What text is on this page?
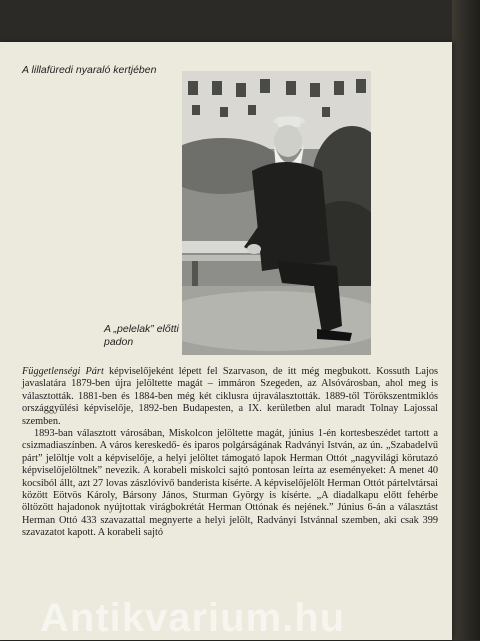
A lillafüredi nyaraló kertjében
A „pelelak” előtti padon

Függetlenségi Párt képviselőjeként lépett fel Szarvason, de itt még megbukott. Kossuth Lajos javaslatára 1879-ben újra jelöltette magát – immáron Szegeden, az Alsóvárosban, ahol meg is választották. 1881-ben és 1884-ben még két ciklusra újraválasztották. 1889-től Törökszentmiklós országgyűlési képviselője, 1892-ben Budapesten, a IX. kerületben alul maradt Tolnay Lajossal szemben.

1893-ban választott városában, Miskolcon jelöltette magát, június 1-én kortesbeszédet tartott a csizmadiaszínben. A város kereskedő- és iparos polgárságának Radványi István, az ún. „Szabadelvű párt” jelöltje volt a képviselője, a helyi jelöltet támogató lapok Herman Ottót „nagyvilági körutazó képviselőjelöltnek” nevezik. A korabeli miskolci sajtó pontosan leírta az eseményeket: A menet 40 kocsiból állt, azt 27 lovas zászlóvivő banderista kísérte. A képviselőjelölt Herman Ottót pártelvtársai között Eötvös Károly, Bársony János, Sturman György is kísérte. „A diadalkapu előtt fehérbe öltözött hajadonok nyújtottak virágbokrétát Herman Ottónak és nejének.” Június 6-án a választást Herman Ottó 433 szavazattal megnyerte a helyi jelölt, Radványi Istvánnal szemben, aki csak 399 szavazatot kapott. A korabeli sajtó

Antikvarium.hu
